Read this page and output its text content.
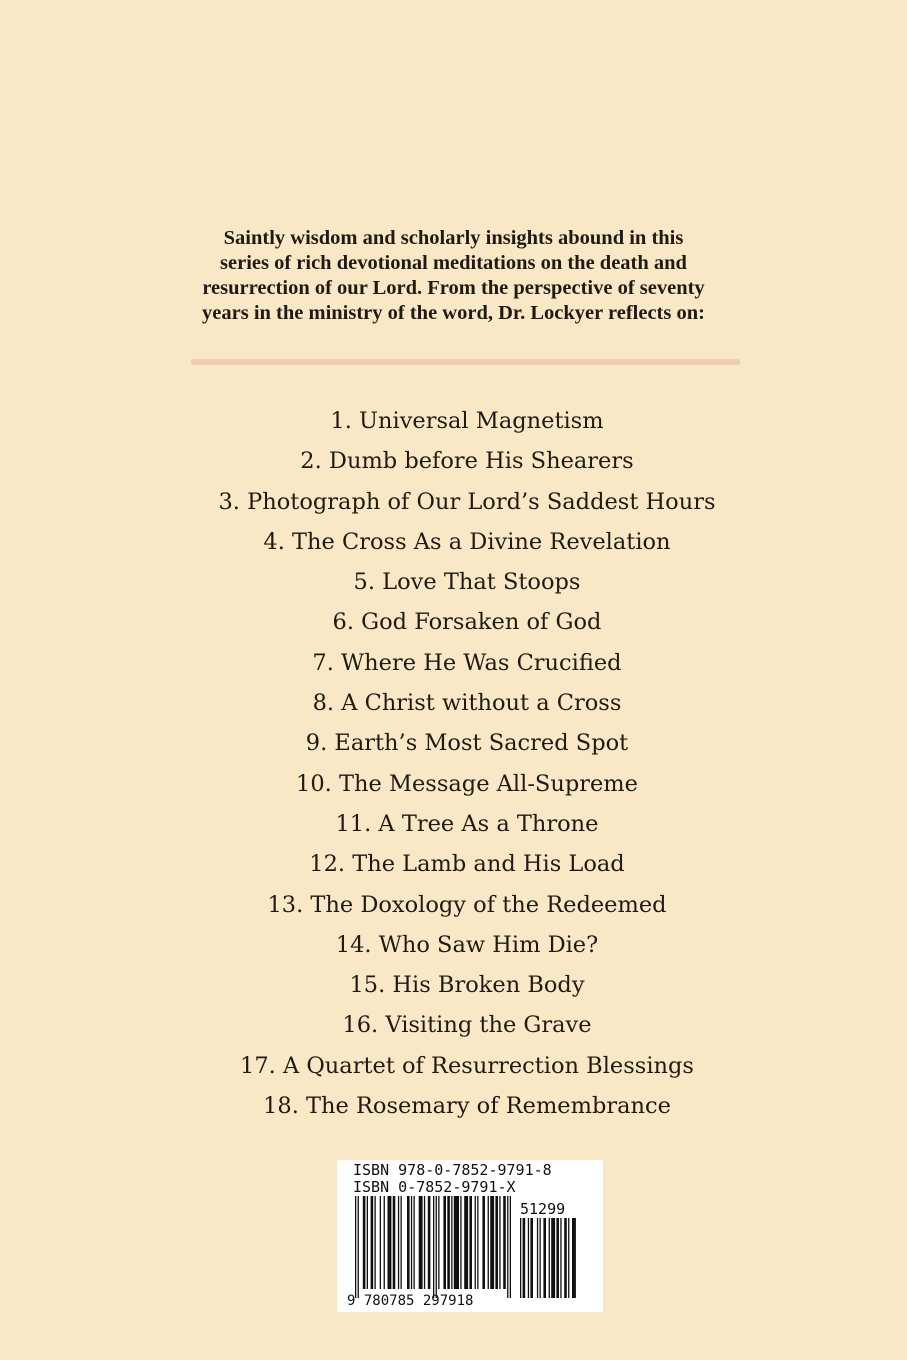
Saintly wisdom and scholarly insights abound in this
series of rich devotional meditations on the death and
resurrection of our Lord. From the perspective of seventy
years in the ministry of the word, Dr. Lockyer reflects on:
1. Universal Magnetism
2. Dumb before His Shearers
3. Photograph of Our Lord’s Saddest Hours
4. The Cross As a Divine Revelation
5. Love That Stoops
6. God Forsaken of God
7. Where He Was Crucified
8. A Christ without a Cross
9. Earth’s Most Sacred Spot
10. The Message All-Supreme
11. A Tree As a Throne
12. The Lamb and His Load
13. The Doxology of the Redeemed
14. Who Saw Him Die?
15. His Broken Body
16. Visiting the Grave
17. A Quartet of Resurrection Blessings
18. The Rosemary of Remembrance
ISBN 978-0-7852-9791-8
ISBN 0-7852-9791-X
51299
9 780785 297918
